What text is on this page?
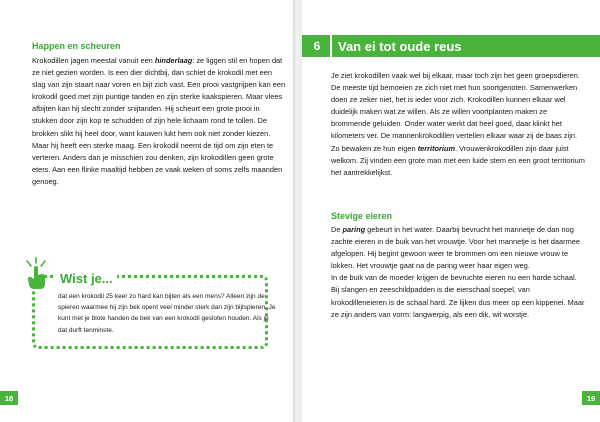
Happen en scheuren

Krokodillen jagen meestal vanuit een hinderlaag: ze liggen stil en hopen dat ze niet gezien worden. Is een dier dichtbij, dan schiet de krokodil met een slag van zijn staart naar voren en bijt zich vast. Een prooi vastgrijpen kan een krokodil goed met zijn puntige tanden en zijn sterke kaakspieren. Maar vlees afbijten kan hij slecht zonder snijtanden. Hij scheurt een grote prooi in stukken door zijn kop te schudden of zijn hele lichaam rond te tollen. De brokken slikt hij heel door, want kauwen lukt hem ook niet zonder kiezen. Maar hij heeft een sterke maag. Een krokodil neemt de tijd om zijn eten te verteren. Anders dan je misschien zou denken, zijn krokodillen geen grote eters. Aan een flinke maaltijd hebben ze vaak weken of soms zelfs maanden genoeg.

Wist je...
dat een krokodil 25 keer zo hard kan bijten als een mens? Alleen zijn de spieren waarmee hij zijn bek opent veel minder sterk dan zijn bijtspieren. Je kunt met je blote handen de bek van een krokodil gesloten houden. Als je dat durft tenminste.
18
6	Van ei tot oude reus

Je ziet krokodillen vaak wel bij elkaar, maar toch zijn het geen groepsdieren. De meeste tijd bemoeien ze zich niet met hun soortgenoten. Samenwerken doen ze zeker niet, het is ieder voor zich. Krokodillen kunnen elkaar wel duidelijk maken wat ze willen. Als ze willen voortplanten maken ze brommende geluiden. Onder water werkt dat heel goed, daar klinkt het kilometers ver. De mannenkrokodillen vertellen elkaar waar zij de baas zijn. Zo bewaken ze hun eigen territorium. Vrouwenkrokodillen zijn daar juist welkom. Zij vinden een grote man met een luide stem en een groot territorium het aantrekkelijkst.

Stevige eieren

De paring gebeurt in het water. Daarbij bevrucht het mannetje de dan nog zachte eieren in de buik van het vrouwtje. Voor het mannetje is het daarmee afgelopen. Hij begint gewoon weer te brommen om een nieuwe vrouw te lokken. Het vrouwtje gaat na de paring weer haar eigen weg.

In de buik van de moeder krijgen de bevruchte eieren nu een harde schaal. Bij slangen en zeeschildpadden is die eierschaal soepel, van krokodilleneieren is de schaal hard. Ze lijken dus meer op een kippenei. Maar ze zijn anders van vorm: langwerpig, als een dik, wit worstje.

19
